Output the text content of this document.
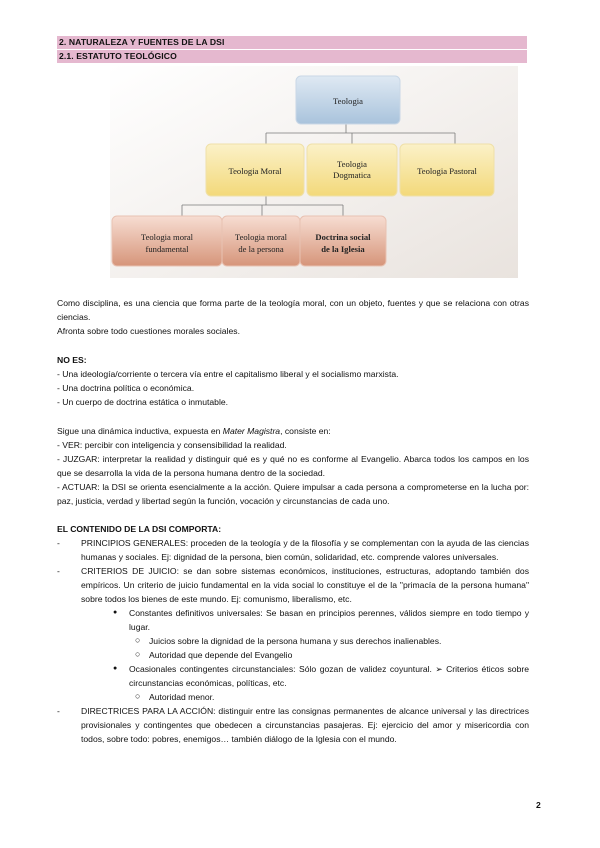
2. NATURALEZA Y FUENTES DE LA DSI
2.1. ESTATUTO TEOLÓGICO
Teologia
Teologia Moral
Teologia
Dogmatica	Teologia Pastoral
Teologia moral
fundamental
Teologia moral
de la persona
Doctrina social
de la Iglesia

Como disciplina, es una ciencia que forma parte de la teología moral, con un objeto, fuentes y que se relaciona con otras ciencias.

Afronta sobre todo cuestiones morales sociales.

NO ES:

- Una ideología/corriente o tercera vía entre el capitalismo liberal y el socialismo marxista.

- Una doctrina política o económica.

- Un cuerpo de doctrina estática o inmutable.

Sigue una dinámica inductiva, expuesta en Mater Magistra, consiste en:

- VER: percibir con inteligencia y consensibilidad la realidad.

- JUZGAR: interpretar la realidad y distinguir qué es y qué no es conforme al Evangelio. Abarca todos los campos en los que se desarrolla la vida de la persona humana dentro de la sociedad.

- ACTUAR: la DSI se orienta esencialmente a la acción. Quiere impulsar a cada persona a comprometerse en la lucha por: paz, justicia, verdad y libertad según la función, vocación y circunstancias de cada uno.

EL CONTENIDO DE LA DSI COMPORTA:

- PRINCIPIOS GENERALES: proceden de la teología y de la filosofía y se complementan con la ayuda de las ciencias humanas y sociales. Ej: dignidad de la persona, bien común, solidaridad, etc. comprende valores universales.
- CRITERIOS DE JUICIO: se dan sobre sistemas económicos, instituciones, estructuras, adoptando también dos empíricos. Un criterio de juicio fundamental en la vida social lo constituye el de la "primacía de la persona humana" sobre todos los bienes de este mundo. Ej: comunismo, liberalismo, etc.
● Constantes definitivos universales: Se basan en principios perennes, válidos siempre en todo tiempo y lugar.
○ Juicios sobre la dignidad de la persona humana y sus derechos inalienables.
○ Autoridad que depende del Evangelio
● Ocasionales contingentes circunstanciales: Sólo gozan de validez coyuntural. ➢ Criterios éticos sobre circunstancias económicas, políticas, etc.
○ Autoridad menor.
- DIRECTRICES PARA LA ACCIÓN: distinguir entre las consignas permanentes de alcance universal y las directrices provisionales y contingentes que obedecen a circunstancias pasajeras. Ej: ejercicio del amor y misericordia con todos, sobre todo: pobres, enemigos… también diálogo de la Iglesia con el mundo.
2
